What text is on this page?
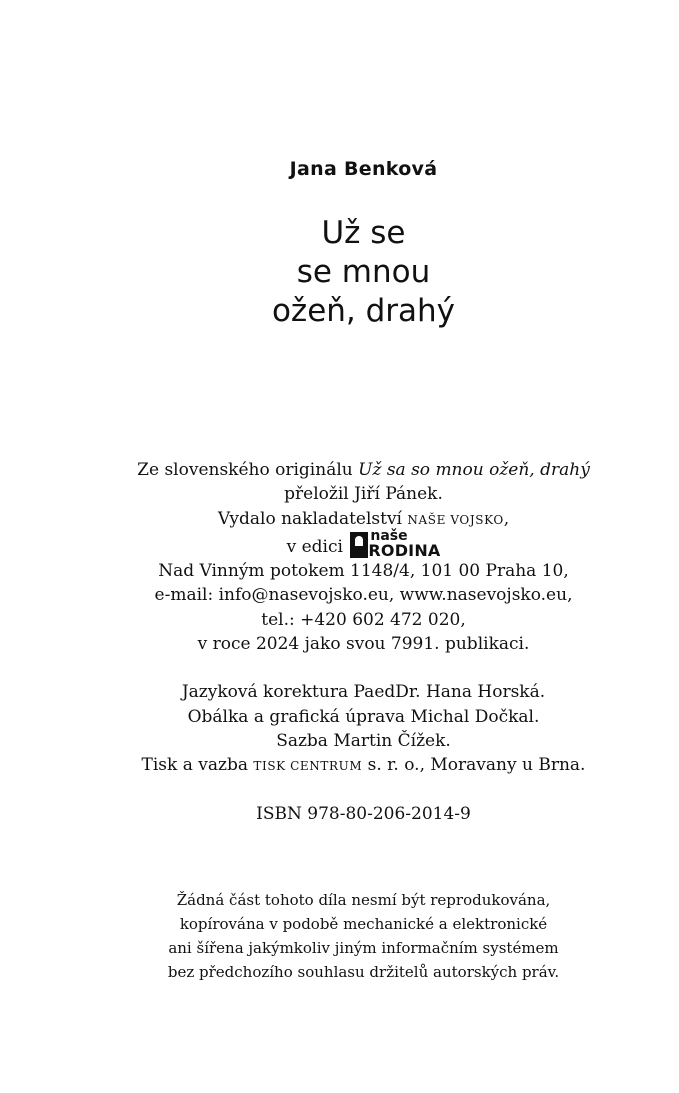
Jana Benková
Už se
se mnou
ožeň, drahý
Ze slovenského originálu Už sa so mnou ožeň, drahý
přeložil Jiří Pánek.
Vydalo nakladatelství NAŠE VOJSKO,
v edici
naše
RODINA
Nad Vinným potokem 1148/4, 101 00 Praha 10,
e-mail: info@nasevojsko.eu, www.nasevojsko.eu,
tel.: +420 602 472 020,
v roce 2024 jako svou 7991. publikaci.
Jazyková korektura PaedDr. Hana Horská.
Obálka a grafická úprava Michal Dočkal.
Sazba Martin Čížek.
Tisk a vazba TISK CENTRUM s. r. o., Moravany u Brna.
ISBN 978-80-206-2014-9
Žádná část tohoto díla nesmí být reprodukována,
kopírována v podobě mechanické a elektronické
ani šířena jakýmkoliv jiným informačním systémem
bez předchozího souhlasu držitelů autorských práv.
